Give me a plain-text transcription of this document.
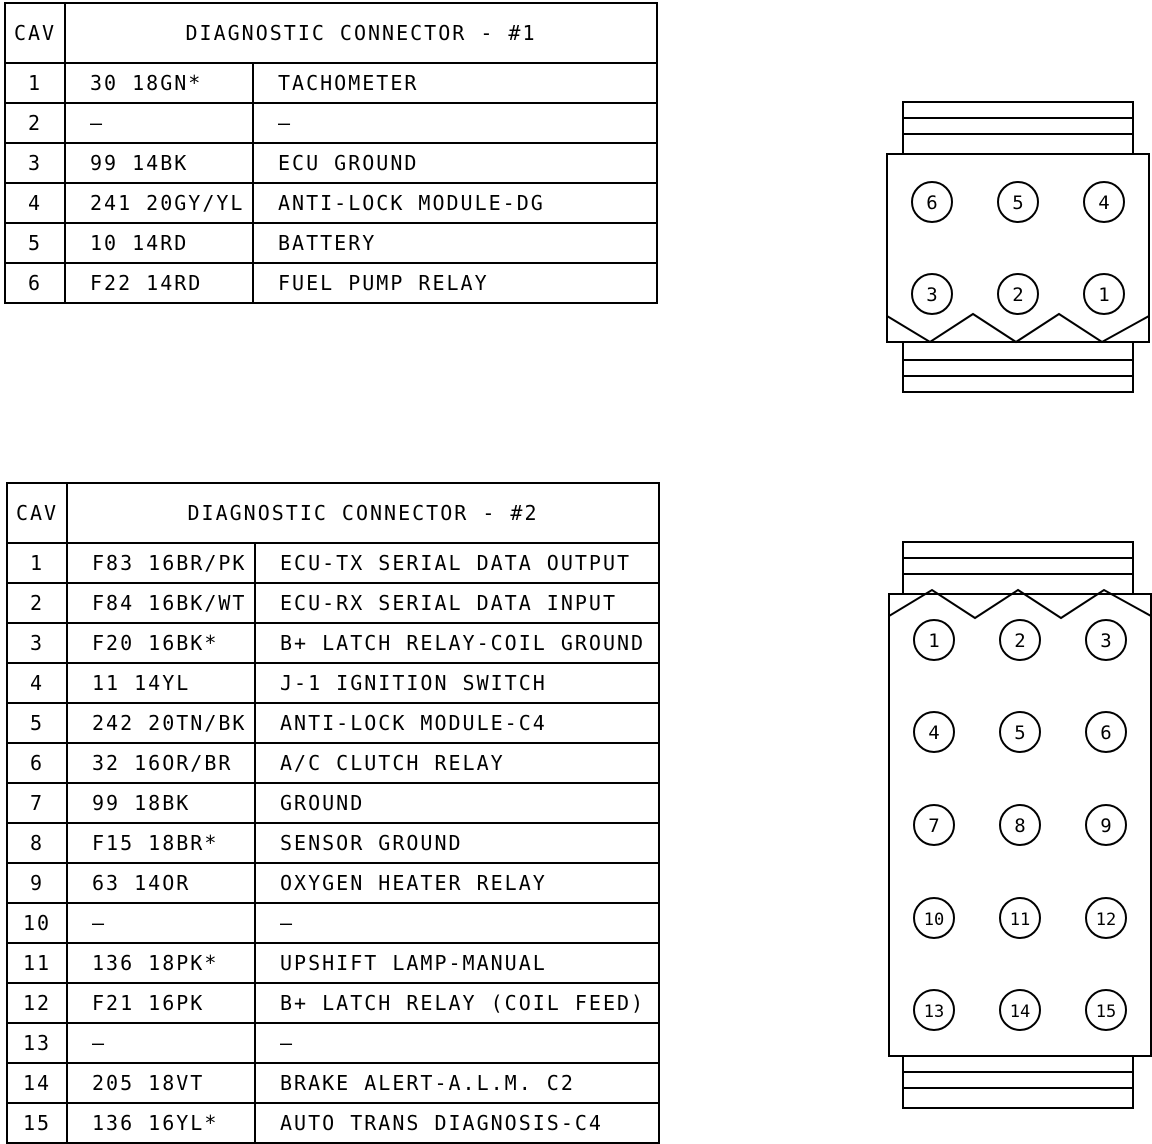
CAV	DIAGNOSTIC CONNECTOR - #1	
1	30 18GN*	TACHOMETER
2	—	—
3	99 14BK	ECU GROUND
4	241 20GY/YL	ANTI-LOCK MODULE-DG
5	10 14RD	BATTERY
6	F22 14RD	FUEL PUMP RELAY
CAV	DIAGNOSTIC CONNECTOR - #2	
1	F83 16BR/PK	ECU-TX SERIAL DATA OUTPUT
2	F84 16BK/WT	ECU-RX SERIAL DATA INPUT
3	F20 16BK*	B+ LATCH RELAY-COIL GROUND
4	11 14YL	J-1 IGNITION SWITCH
5	242 20TN/BK	ANTI-LOCK MODULE-C4
6	32 16OR/BR	A/C CLUTCH RELAY
7	99 18BK	GROUND
8	F15 18BR*	SENSOR GROUND
9	63 14OR	OXYGEN HEATER RELAY
10	—	—
11	136 18PK*	UPSHIFT LAMP-MANUAL
12	F21 16PK	B+ LATCH RELAY (COIL FEED)
13	—	—
14	205 18VT	BRAKE ALERT-A.L.M. C2
15	136 16YL*	AUTO TRANS DIAGNOSIS-C4
6	5	4
3	2	1
1	2	3
4	5	6
7	8	9
10	11	12
13	14	15
